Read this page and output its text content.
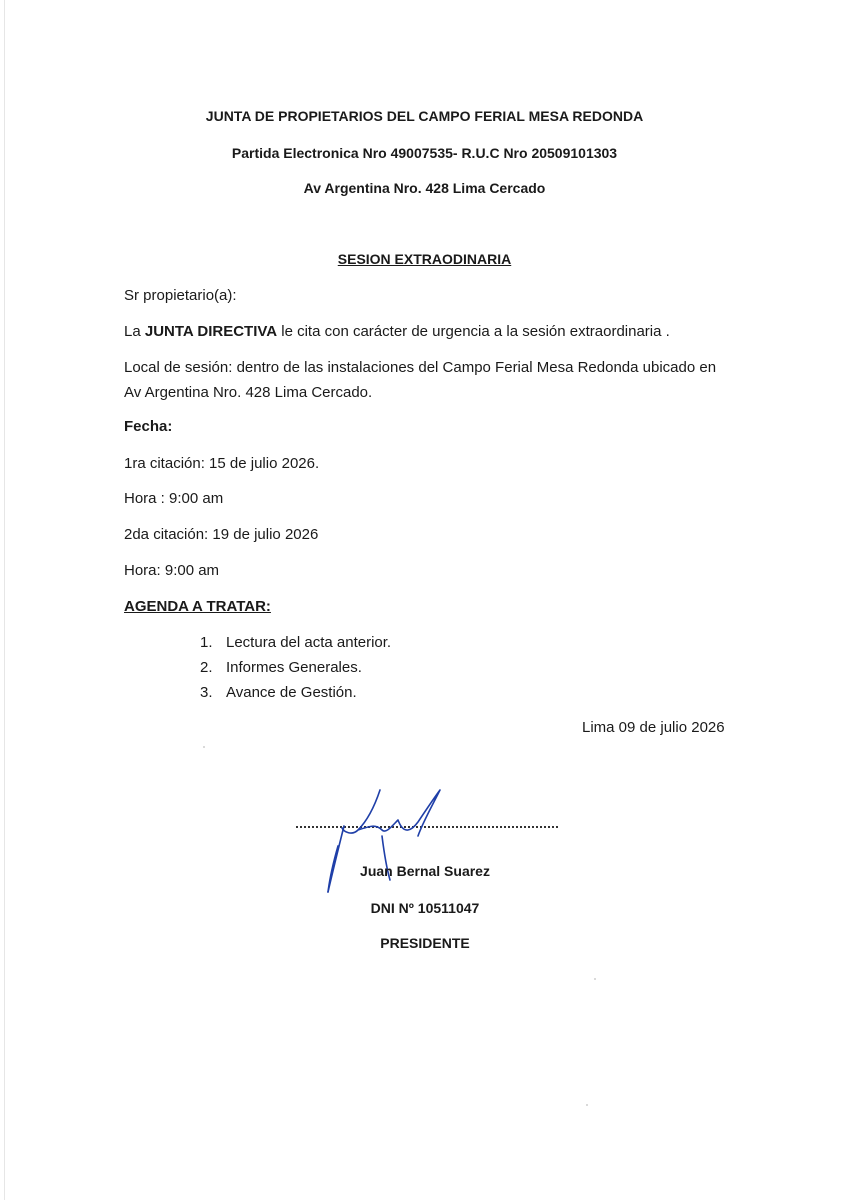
JUNTA DE PROPIETARIOS DEL CAMPO FERIAL MESA REDONDA
Partida Electronica Nro 49007535- R.U.C Nro 20509101303
Av Argentina Nro. 428 Lima Cercado
SESION EXTRAODINARIA
Sr propietario(a):
La JUNTA DIRECTIVA le cita con carácter de urgencia a la sesión extraordinaria .
Local de sesión: dentro de las instalaciones del Campo Ferial Mesa Redonda ubicado en
Av Argentina Nro. 428 Lima Cercado.
Fecha:
1ra citación: 15 de julio 2026.
Hora : 9:00 am
2da citación: 19 de julio 2026
Hora: 9:00 am
AGENDA A TRATAR:
1. Lectura del acta anterior.
2. Informes Generales.
3. Avance de Gestión.
Lima 09 de julio 2026
Juan Bernal Suarez
DNI Nº 10511047
PRESIDENTE
